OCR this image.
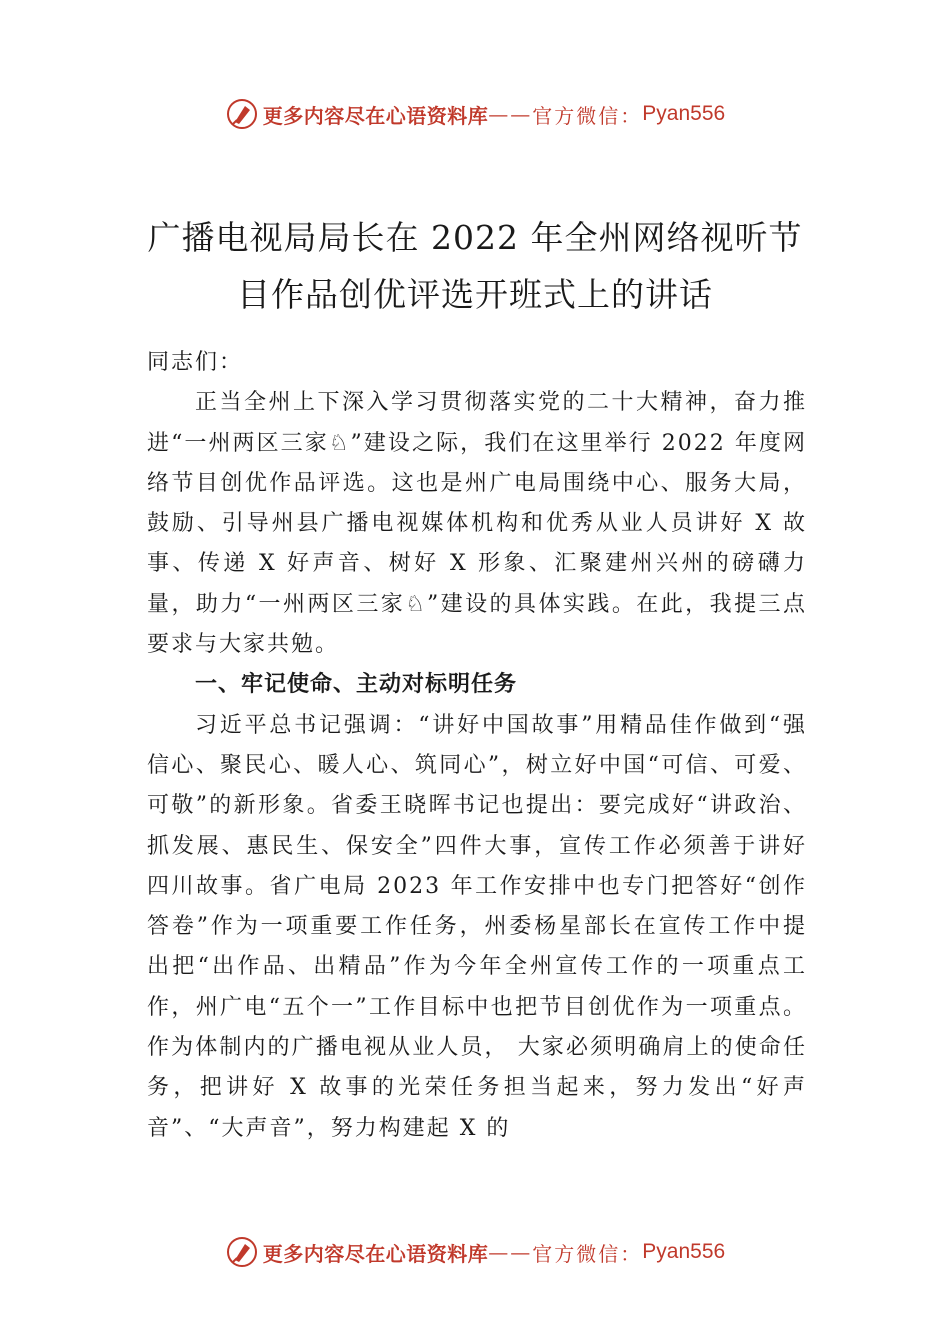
更多内容尽在心语资料库 —— 官方微信： Pyan556
广播电视局局长在 2022 年全州网络视听节
目作品创优评选开班式上的讲话

同志们：

正当全州上下深入学习贯彻落实党的二十大精神，奋力推进“一州两区三家♘”建设之际，我们在这里举行 2022 年度网络节目创优作品评选。这也是州广电局围绕中心、服务大局，鼓励、引导州县广播电视媒体机构和优秀从业人员讲好 X 故事、传递 X 好声音、树好 X 形象、汇聚建州兴州的磅礴力量，助力“一州两区三家♘”建设的具体实践。在此，我提三点要求与大家共勉。

一、牢记使命、主动对标明任务

习近平总书记强调：“讲好中国故事”用精品佳作做到“强信心、聚民心、暖人心、筑同心”，树立好中国“可信、可爱、可敬”的新形象。省委王晓晖书记也提出：要完成好“讲政治、抓发展、惠民生、保安全”四件大事，宣传工作必须善于讲好四川故事。省广电局 2023 年工作安排中也专门把答好“创作答卷”作为一项重要工作任务，州委杨星部长在宣传工作中提出把“出作品、出精品”作为今年全州宣传工作的一项重点工作，州广电“五个一”工作目标中也把节目创优作为一项重点。作为体制内的广播电视从业人员， 大家必须明确肩上的使命任务，把讲好 X 故事的光荣任务担当起来，努力发出“好声音”、“大声音”，努力构建起 X 的

更多内容尽在心语资料库 —— 官方微信： Pyan556
